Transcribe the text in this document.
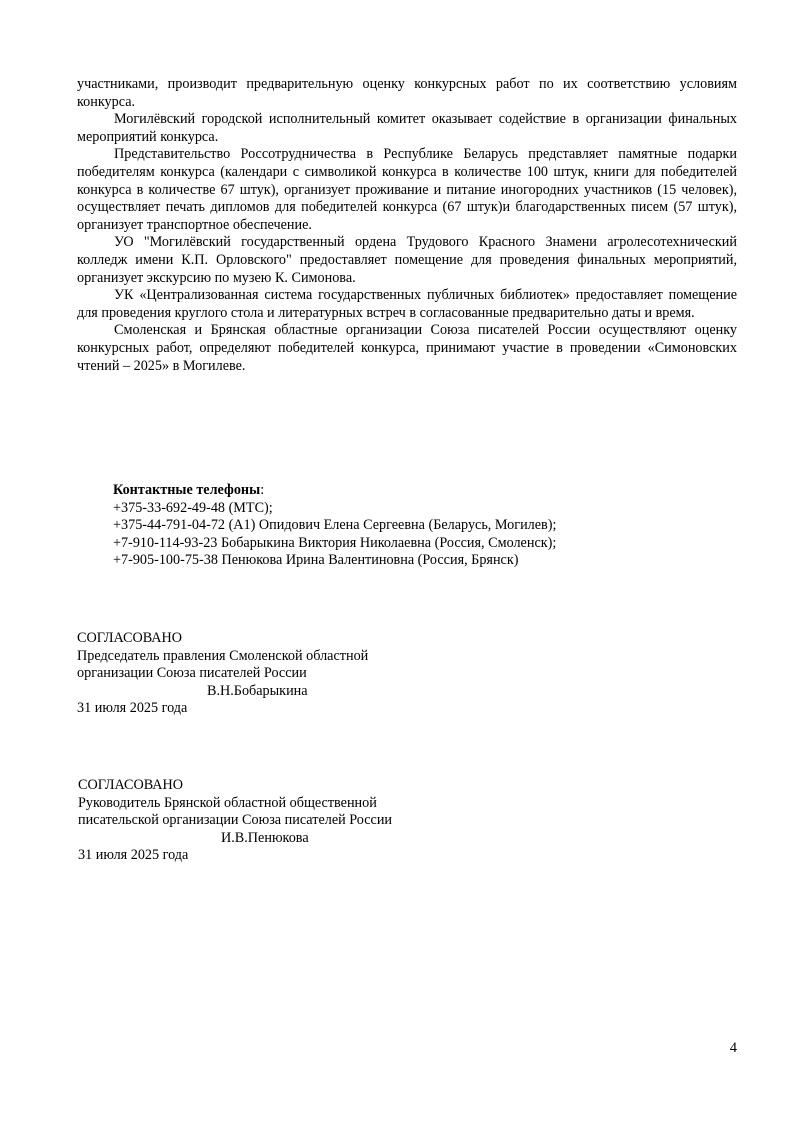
участниками, производит предварительную оценку конкурсных работ по их соответствию условиям конкурса.

Могилёвский городской исполнительный комитет оказывает содействие в организации финальных мероприятий конкурса.

Представительство Россотрудничества в Республике Беларусь представляет памятные подарки победителям конкурса (календари с символикой конкурса в количестве 100 штук, книги для победителей конкурса в количестве 67 штук), организует проживание и питание иногородних участников (15 человек), осуществляет печать дипломов для победителей конкурса (67 штук)и благодарственных писем (57 штук), организует транспортное обеспечение.

УО "Могилёвский государственный ордена Трудового Красного Знамени агролесотехнический колледж имени К.П. Орловского" предоставляет помещение для проведения финальных мероприятий, организует экскурсию по музею К. Симонова.

УК «Централизованная система государственных публичных библиотек» предоставляет помещение для проведения круглого стола и литературных встреч в согласованные предварительно даты и время.

Смоленская и Брянская областные организации Союза писателей России осуществляют оценку конкурсных работ, определяют победителей конкурса, принимают участие в проведении «Симоновских чтений – 2025» в Могилеве.

Контактные телефоны:
+375-33-692-49-48 (МТС);
+375-44-791-04-72 (А1) Опидович Елена Сергеевна (Беларусь, Могилев);
+7-910-114-93-23 Бобарыкина Виктория Николаевна (Россия, Смоленск);
+7-905-100-75-38 Пенюкова Ирина Валентиновна (Россия, Брянск)
СОГЛАСОВАНО
Председатель правления Смоленской областной
организации Союза писателей России
В.Н.Бобарыкина
31 июля 2025 года
СОГЛАСОВАНО
Руководитель Брянской областной общественной
писательской организации Союза писателей России
И.В.Пенюкова
31 июля 2025 года
4
